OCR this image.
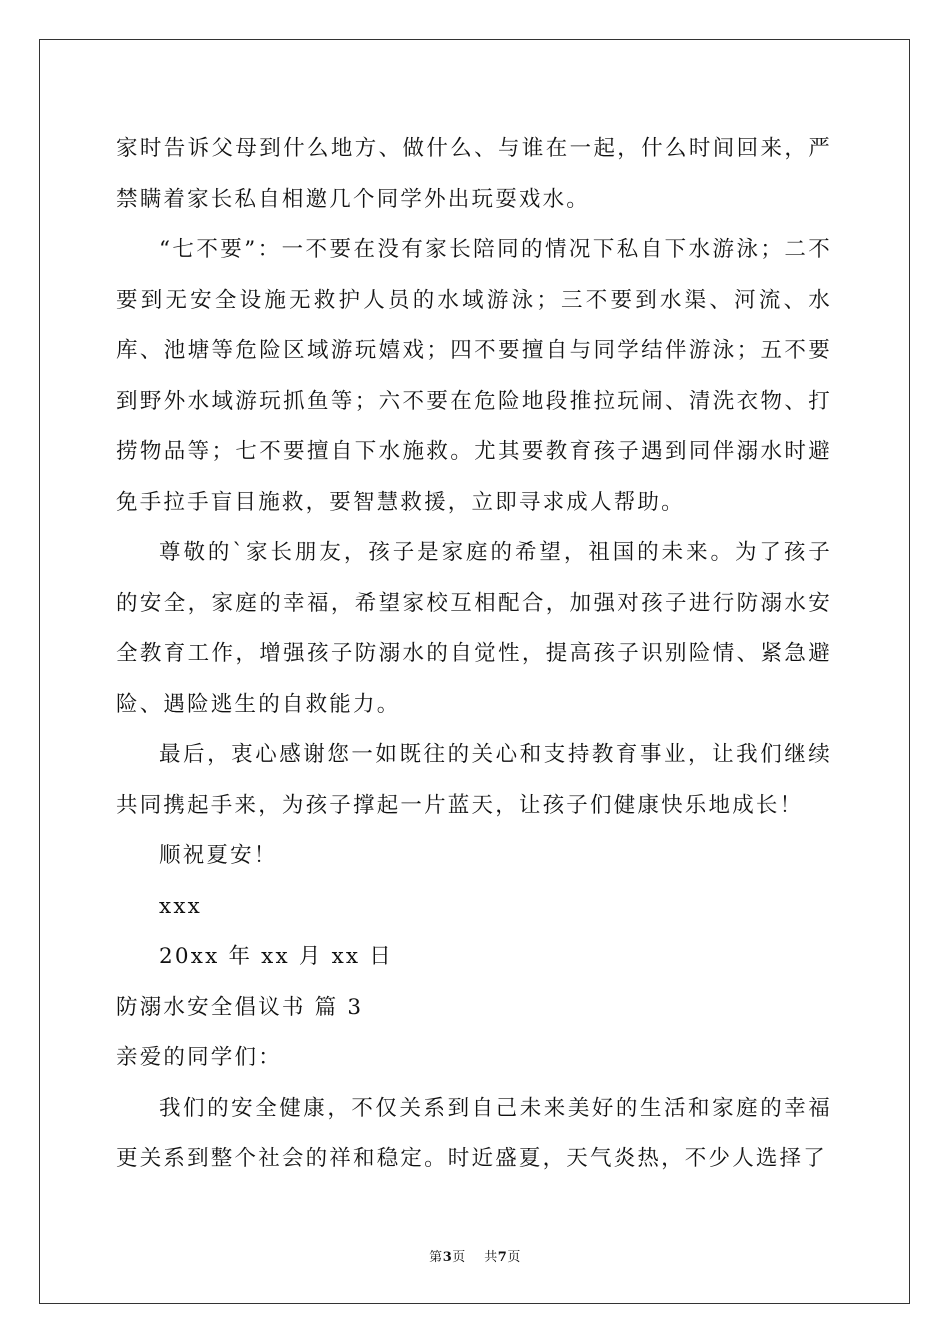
家时告诉父母到什么地方、做什么、与谁在一起，什么时间回来，严禁瞒着家长私自相邀几个同学外出玩耍戏水。

“七不要”：一不要在没有家长陪同的情况下私自下水游泳；二不要到无安全设施无救护人员的水域游泳；三不要到水渠、河流、水库、池塘等危险区域游玩嬉戏；四不要擅自与同学结伴游泳；五不要到野外水域游玩抓鱼等；六不要在危险地段推拉玩闹、清洗衣物、打捞物品等；七不要擅自下水施救。尤其要教育孩子遇到同伴溺水时避免手拉手盲目施救，要智慧救援，立即寻求成人帮助。

尊敬的`家长朋友，孩子是家庭的希望，祖国的未来。为了孩子的安全，家庭的幸福，希望家校互相配合，加强对孩子进行防溺水安全教育工作，增强孩子防溺水的自觉性，提高孩子识别险情、紧急避险、遇险逃生的自救能力。

最后，衷心感谢您一如既往的关心和支持教育事业，让我们继续共同携起手来，为孩子撑起一片蓝天，让孩子们健康快乐地成长！

顺祝夏安！

xxx

20xx 年 xx 月 xx 日

防溺水安全倡议书 篇 3

亲爱的同学们：

我们的安全健康，不仅关系到自己未来美好的生活和家庭的幸福更关系到整个社会的祥和稳定。时近盛夏，天气炎热，不少人选择了

第3页    共7页
